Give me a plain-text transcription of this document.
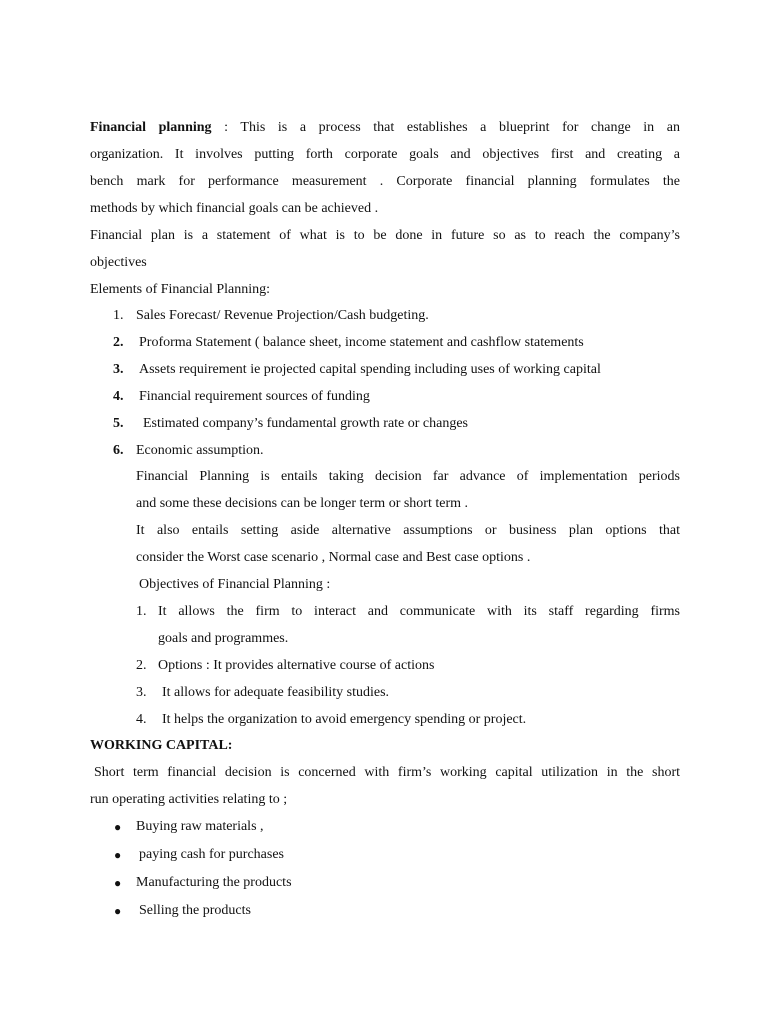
Financial planning : This is a process that establishes a blueprint for change in an
organization. It involves putting forth corporate goals and objectives first and creating a
bench mark for performance measurement . Corporate financial planning formulates the
methods by which financial goals can be achieved .
Financial plan is a statement of what is to be done in future so as to reach the company’s
objectives
Elements of Financial Planning:
1. Sales Forecast/ Revenue Projection/Cash budgeting.
2. Proforma Statement ( balance sheet, income statement and cashflow statements
3. Assets requirement ie projected capital spending including uses of working capital
4. Financial requirement sources of funding
5. Estimated company’s fundamental growth rate or changes
6. Economic assumption.
Financial Planning is entails taking decision far advance of implementation periods
and some these decisions can be longer term or short term .
It also entails setting aside alternative assumptions or business plan options that
consider the Worst case scenario , Normal case and Best case options .
Objectives of Financial Planning :
1. It allows the firm to interact and communicate with its staff regarding firms
goals and programmes.
2. Options : It provides alternative course of actions
3. It allows for adequate feasibility studies.
4. It helps the organization to avoid emergency spending or project.
WORKING CAPITAL:
Short term financial decision is concerned with firm’s working capital utilization in the short
run operating activities relating to ;
● Buying raw materials ,
● paying cash for purchases
● Manufacturing the products
● Selling the products
